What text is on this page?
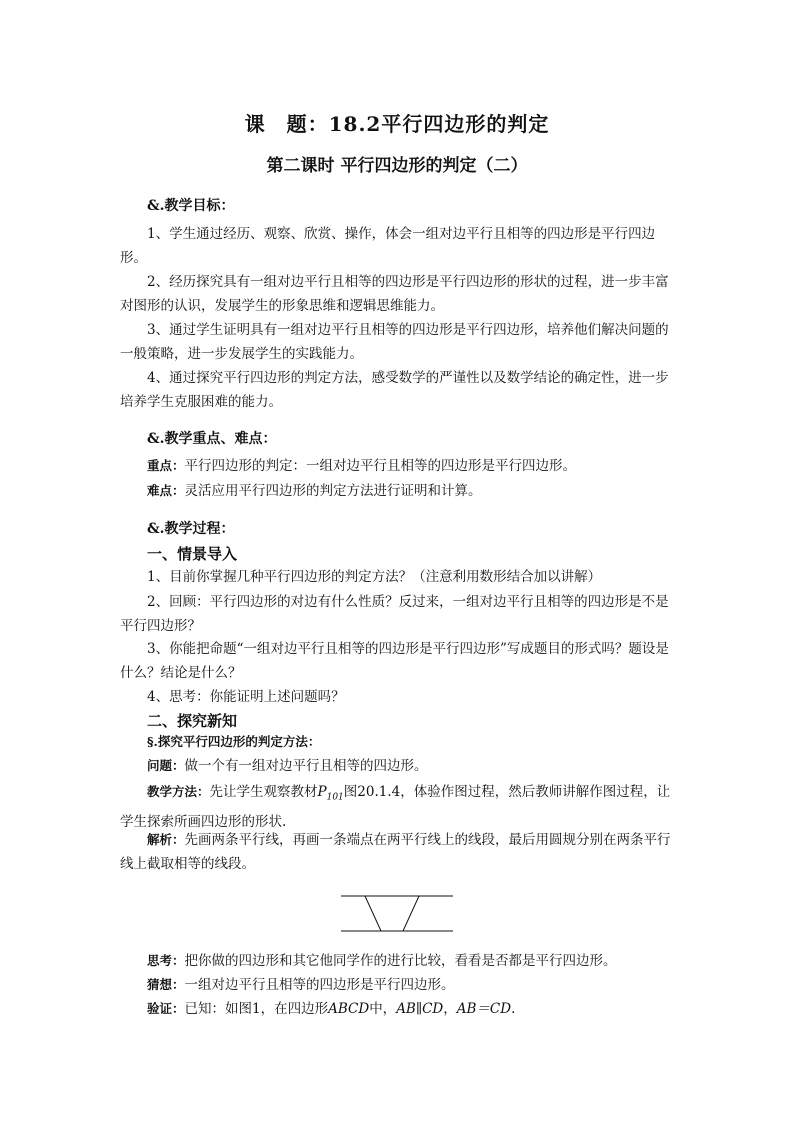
课　题：18.2平行四边形的判定
第二课时 平行四边形的判定（二）
&.教学目标：

1、学生通过经历、观察、欣赏、操作，体会一组对边平行且相等的四边形是平行四边形。

2、经历探究具有一组对边平行且相等的四边形是平行四边形的形状的过程，进一步丰富对图形的认识，发展学生的形象思维和逻辑思维能力。

3、通过学生证明具有一组对边平行且相等的四边形是平行四边形，培养他们解决问题的一般策略，进一步发展学生的实践能力。

4、通过探究平行四边形的判定方法，感受数学的严谨性以及数学结论的确定性，进一步培养学生克服困难的能力。

&.教学重点、难点：
重点：平行四边形的判定：一组对边平行且相等的四边形是平行四边形。
难点：灵活应用平行四边形的判定方法进行证明和计算。
&.教学过程：
一、情景导入
1、目前你掌握几种平行四边形的判定方法？（注意利用数形结合加以讲解）

2、回顾：平行四边形的对边有什么性质？反过来，一组对边平行且相等的四边形是不是平行四边形？

3、你能把命题“一组对边平行且相等的四边形是平行四边形”写成题目的形式吗？题设是什么？结论是什么？

4、思考：你能证明上述问题吗？
二、探究新知
§.探究平行四边形的判定方法：
问题：做一个有一组对边平行且相等的四边形。

教学方法：先让学生观察教材$P_{101}$图20.1.4，体验作图过程，然后教师讲解作图过程，让学生探索所画四边形的形状.

解析：先画两条平行线，再画一条端点在两平行线上的线段，最后用圆规分别在两条平行线上截取相等的线段。

思考：把你做的四边形和其它他同学作的进行比较，看看是否都是平行四边形。
猜想：一组对边平行且相等的四边形是平行四边形。
验证：已知：如图1，在四边形ABCD中，AB∥CD，AB＝CD.
